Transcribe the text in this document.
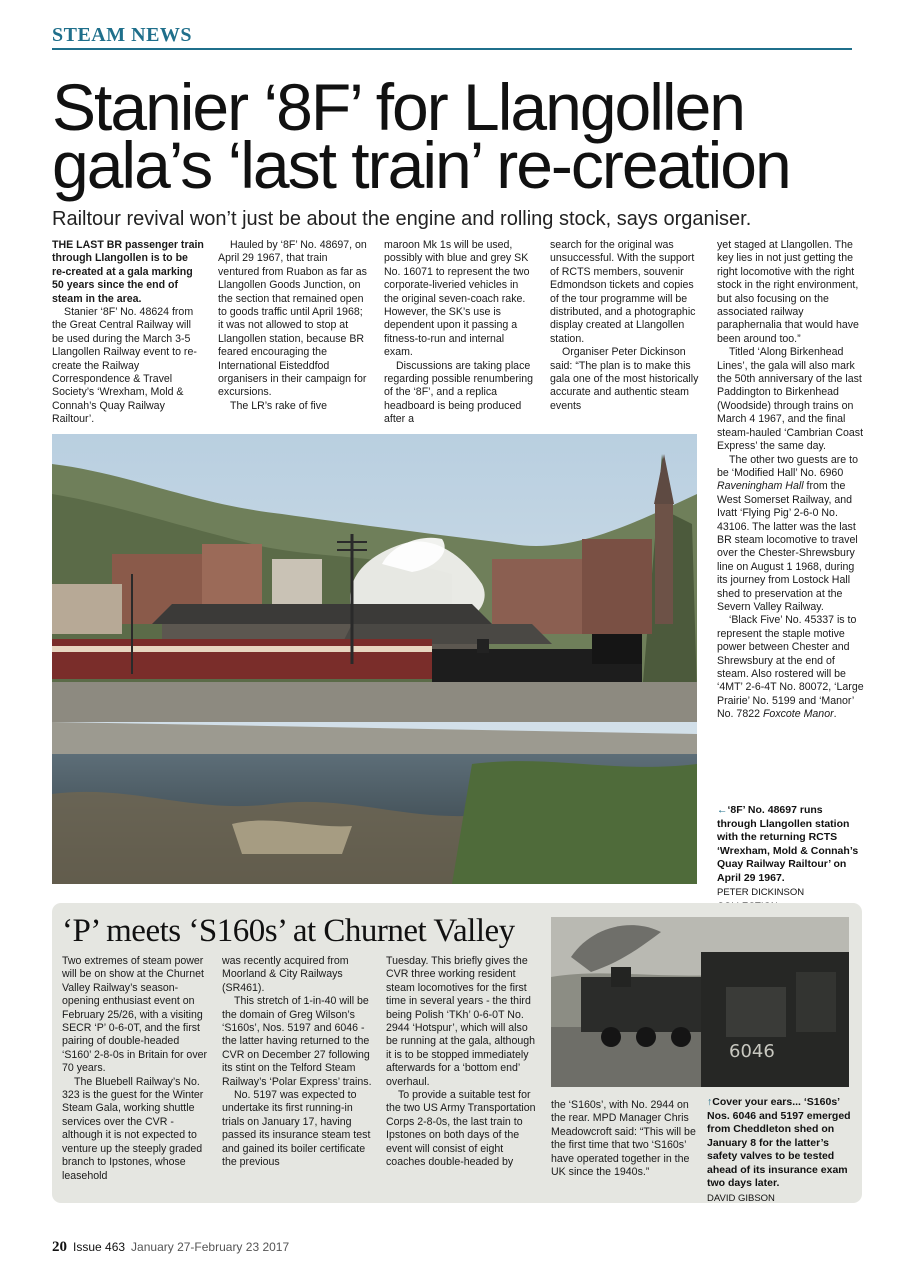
STEAM NEWS
Stanier ‘8F’ for Llangollen
gala’s ‘last train’ re-creation
Railtour revival won’t just be about the engine and rolling stock, says organiser.

THE LAST BR passenger train through Llangollen is to be re-created at a gala marking 50 years since the end of steam in the area.

Stanier ‘8F’ No. 48624 from the Great Central Railway will be used during the March 3-5 Llangollen Railway event to re-create the Railway Correspondence & Travel Society’s ‘Wrexham, Mold & Connah’s Quay Railway Railtour’.

Hauled by ‘8F’ No. 48697, on April 29 1967, that train ventured from Ruabon as far as Llangollen Goods Junction, on the section that remained open to goods traffic until April 1968; it was not allowed to stop at Llangollen station, because BR feared encouraging the International Eisteddfod organisers in their campaign for excursions.

The LR’s rake of five

maroon Mk 1s will be used, possibly with blue and grey SK No. 16071 to represent the two corporate-liveried vehicles in the original seven-coach rake. However, the SK’s use is dependent upon it passing a fitness-to-run and internal exam.

Discussions are taking place regarding possible renumbering of the ‘8F’, and a replica headboard is being produced after a

search for the original was unsuccessful. With the support of RCTS members, souvenir Edmondson tickets and copies of the tour programme will be distributed, and a photographic display created at Llangollen station.

Organiser Peter Dickinson said: “The plan is to make this gala one of the most historically accurate and authentic steam events

yet staged at Llangollen. The key lies in not just getting the right locomotive with the right stock in the right environment, but also focusing on the associated railway paraphernalia that would have been around too.”

Titled ‘Along Birkenhead Lines’, the gala will also mark the 50th anniversary of the last Paddington to Birkenhead (Woodside) through trains on March 4 1967, and the final steam-hauled ‘Cambrian Coast Express’ the same day.

The other two guests are to be ‘Modified Hall’ No. 6960 Raveningham Hall from the West Somerset Railway, and Ivatt ‘Flying Pig’ 2-6-0 No. 43106. The latter was the last BR steam locomotive to travel over the Chester-Shrewsbury line on August 1 1968, during its journey from Lostock Hall shed to preservation at the Severn Valley Railway.

‘Black Five’ No. 45337 is to represent the staple motive power between Chester and Shrewsbury at the end of steam. Also rostered will be ‘4MT’ 2-6-4T No. 80072, ‘Large Prairie’ No. 5199 and ‘Manor’ No. 7822 Foxcote Manor.

←‘8F’ No. 48697 runs through Llangollen station with the returning RCTS ‘Wrexham, Mold & Connah’s Quay Railway Railtour’ on April 29 1967.
PETER DICKINSON
‘P’ meets ‘S160s’ at Churnet Valley

Two extremes of steam power will be on show at the Churnet Valley Railway’s season-opening enthusiast event on February 25/26, with a visiting SECR ‘P’ 0-6-0T, and the first pairing of double-headed ‘S160’ 2-8-0s in Britain for over 70 years.

The Bluebell Railway’s No. 323 is the guest for the Winter Steam Gala, working shuttle services over the CVR - although it is not expected to venture up the steeply graded branch to Ipstones, whose leasehold

was recently acquired from Moorland & City Railways (SR461).

This stretch of 1-in-40 will be the domain of Greg Wilson’s ‘S160s’, Nos. 5197 and 6046 - the latter having returned to the CVR on December 27 following its stint on the Telford Steam Railway’s ‘Polar Express’ trains.

No. 5197 was expected to undertake its first running-in trials on January 17, having passed its insurance steam test and gained its boiler certificate the previous

Tuesday. This briefly gives the CVR three working resident steam locomotives for the first time in several years - the third being Polish ‘TKh’ 0-6-0T No. 2944 ‘Hotspur’, which will also be running at the gala, although it is to be stopped immediately afterwards for a ‘bottom end’ overhaul.

To provide a suitable test for the two US Army Transportation Corps 2-8-0s, the last train to Ipstones on both days of the event will consist of eight coaches double-headed by

the ‘S160s’, with No. 2944 on the rear. MPD Manager Chris Meadowcroft said: “This will be the first time that two ‘S160s’ have operated together in the UK since the 1940s.”

6046
↑Cover your ears... ‘S160s’ Nos. 6046 and 5197 emerged from Cheddleton shed on January 8 for the latter’s safety valves to be tested ahead of its insurance exam two days later.
DAVID GIBSON
20 Issue 463 January 27-February 23 2017
